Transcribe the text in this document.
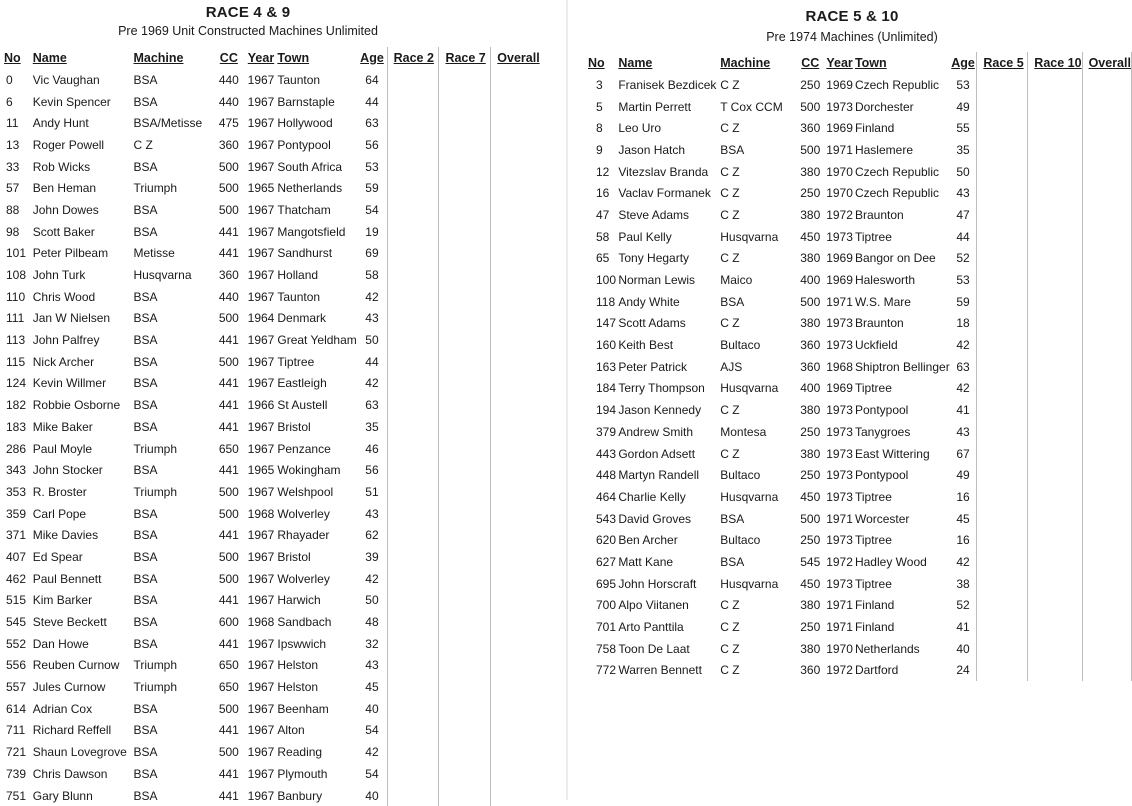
RACE 4 & 9
Pre 1969 Unit Constructed Machines Unlimited
No	Name	Machine	CC	Year	Town	Age	Race 2	Race 7	Overall
0	Vic Vaughan	BSA	440	1967	Taunton	64			
6	Kevin Spencer	BSA	440	1967	Barnstaple	44			
11	Andy Hunt	BSA/Metisse	475	1967	Hollywood	63			
13	Roger Powell	C Z	360	1967	Pontypool	56			
33	Rob Wicks	BSA	500	1967	South Africa	53			
57	Ben Heman	Triumph	500	1965	Netherlands	59			
88	John Dowes	BSA	500	1967	Thatcham	54			
98	Scott Baker	BSA	441	1967	Mangotsfield	19			
101	Peter Pilbeam	Metisse	441	1967	Sandhurst	69			
108	John Turk	Husqvarna	360	1967	Holland	58			
110	Chris Wood	BSA	440	1967	Taunton	42			
111	Jan W Nielsen	BSA	500	1964	Denmark	43			
113	John Palfrey	BSA	441	1967	Great Yeldham	50			
115	Nick Archer	BSA	500	1967	Tiptree	44			
124	Kevin Willmer	BSA	441	1967	Eastleigh	42			
182	Robbie Osborne	BSA	441	1966	St Austell	63			
183	Mike Baker	BSA	441	1967	Bristol	35			
286	Paul Moyle	Triumph	650	1967	Penzance	46			
343	John Stocker	BSA	441	1965	Wokingham	56			
353	R. Broster	Triumph	500	1967	Welshpool	51			
359	Carl Pope	BSA	500	1968	Wolverley	43			
371	Mike Davies	BSA	441	1967	Rhayader	62			
407	Ed Spear	BSA	500	1967	Bristol	39			
462	Paul Bennett	BSA	500	1967	Wolverley	42			
515	Kim Barker	BSA	441	1967	Harwich	50			
545	Steve Beckett	BSA	600	1968	Sandbach	48			
552	Dan Howe	BSA	441	1967	Ipswwich	32			
556	Reuben Curnow	Triumph	650	1967	Helston	43			
557	Jules Curnow	Triumph	650	1967	Helston	45			
614	Adrian Cox	BSA	500	1967	Beenham	40			
711	Richard Reffell	BSA	441	1967	Alton	54			
721	Shaun Lovegrove	BSA	500	1967	Reading	42			
739	Chris Dawson	BSA	441	1967	Plymouth	54			
751	Gary Blunn	BSA	441	1967	Banbury	40			
RACE 5 & 10
Pre 1974 Machines (Unlimited)
No	Name	Machine	CC	Year	Town	Age	Race 5	Race 10	Overall
3	Franisek Bezdicek	C Z	250	1969	Czech Republic	53			
5	Martin Perrett	T Cox CCM	500	1973	Dorchester	49			
8	Leo Uro	C Z	360	1969	Finland	55			
9	Jason Hatch	BSA	500	1971	Haslemere	35			
12	Vitezslav Branda	C Z	380	1970	Czech Republic	50			
16	Vaclav Formanek	C Z	250	1970	Czech Republic	43			
47	Steve Adams	C Z	380	1972	Braunton	47			
58	Paul Kelly	Husqvarna	450	1973	Tiptree	44			
65	Tony Hegarty	C Z	380	1969	Bangor on Dee	52			
100	Norman Lewis	Maico	400	1969	Halesworth	53			
118	Andy White	BSA	500	1971	W.S. Mare	59			
147	Scott Adams	C Z	380	1973	Braunton	18			
160	Keith Best	Bultaco	360	1973	Uckfield	42			
163	Peter Patrick	AJS	360	1968	Shiptron Bellinger	63			
184	Terry Thompson	Husqvarna	400	1969	Tiptree	42			
194	Jason Kennedy	C Z	380	1973	Pontypool	41			
379	Andrew Smith	Montesa	250	1973	Tanygroes	43			
443	Gordon Adsett	C Z	380	1973	East Wittering	67			
448	Martyn Randell	Bultaco	250	1973	Pontypool	49			
464	Charlie Kelly	Husqvarna	450	1973	Tiptree	16			
543	David Groves	BSA	500	1971	Worcester	45			
620	Ben Archer	Bultaco	250	1973	Tiptree	16			
627	Matt Kane	BSA	545	1972	Hadley Wood	42			
695	John Horscraft	Husqvarna	450	1973	Tiptree	38			
700	Alpo Viitanen	C Z	380	1971	Finland	52			
701	Arto Panttila	C Z	250	1971	Finland	41			
758	Toon De Laat	C Z	380	1970	Netherlands	40			
772	Warren Bennett	C Z	360	1972	Dartford	24			
